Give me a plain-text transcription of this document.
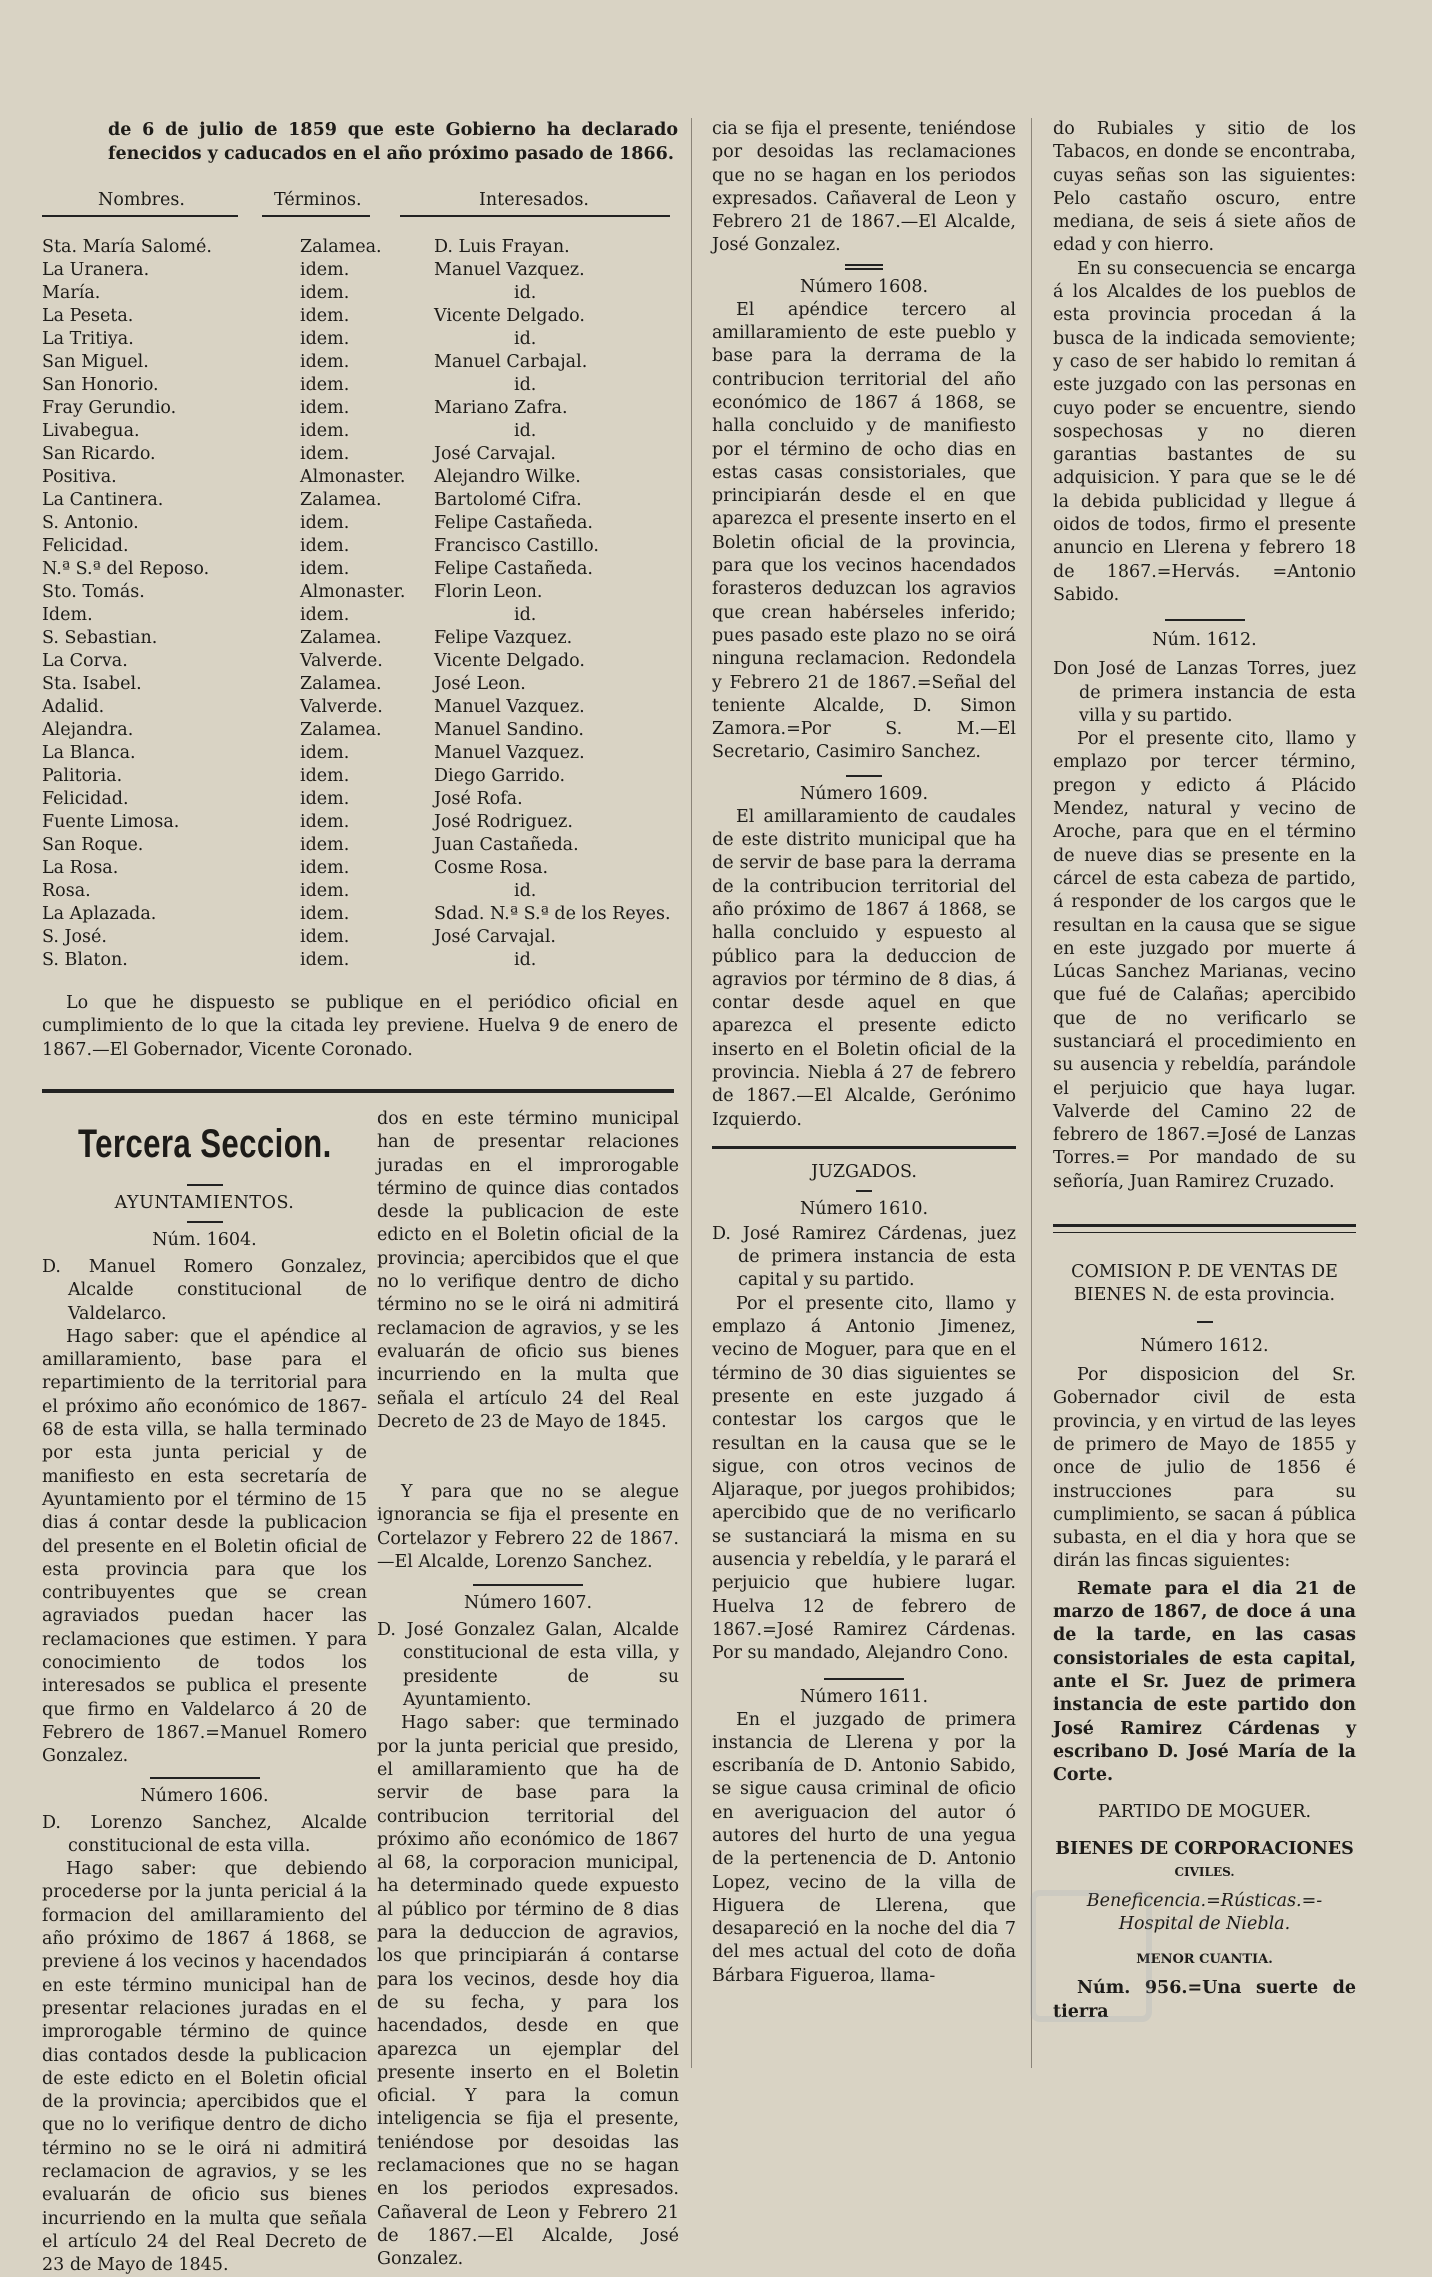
de 6 de julio de 1859 que este Gobierno ha declarado fenecidos y caducados en el año próximo pasado de 1866.

Nombres.	Términos.	Interesados.
Sta. María Salomé.	Zalamea.	D. Luis Frayan.
La Uranera.	idem.	Manuel Vazquez.
María.	idem.	id.
La Peseta.	idem.	Vicente Delgado.
La Tritiya.	idem.	id.
San Miguel.	idem.	Manuel Carbajal.
San Honorio.	idem.	id.
Fray Gerundio.	idem.	Mariano Zafra.
Livabegua.	idem.	id.
San Ricardo.	idem.	José Carvajal.
Positiva.	Almonaster.	Alejandro Wilke.
La Cantinera.	Zalamea.	Bartolomé Cifra.
S. Antonio.	idem.	Felipe Castañeda.
Felicidad.	idem.	Francisco Castillo.
N.ª S.ª del Reposo.	idem.	Felipe Castañeda.
Sto. Tomás.	Almonaster.	Florin Leon.
Idem.	idem.	id.
S. Sebastian.	Zalamea.	Felipe Vazquez.
La Corva.	Valverde.	Vicente Delgado.
Sta. Isabel.	Zalamea.	José Leon.
Adalid.	Valverde.	Manuel Vazquez.
Alejandra.	Zalamea.	Manuel Sandino.
La Blanca.	idem.	Manuel Vazquez.
Palitoria.	idem.	Diego Garrido.
Felicidad.	idem.	José Rofa.
Fuente Limosa.	idem.	José Rodriguez.
San Roque.	idem.	Juan Castañeda.
La Rosa.	idem.	Cosme Rosa.
Rosa.	idem.	id.
La Aplazada.	idem.	Sdad. N.ª S.ª de los Reyes.
S. José.	idem.	José Carvajal.
S. Blaton.	idem.	id.

Lo que he dispuesto se publique en el periódico oficial en cumplimiento de lo que la citada ley previene. Huelva 9 de enero de 1867.—El Gobernador, Vicente Coronado.

Tercera Seccion.
AYUNTAMIENTOS.
Núm. 1604.
D. Manuel Romero Gonzalez, Alcalde constitucional de Valdelarco.
Hago saber: que el apéndice al amillaramiento, base para el repartimiento de la territorial para el próximo año económico de 1867-68 de esta villa, se halla terminado por esta junta pericial y de manifiesto en esta secretaría de Ayuntamiento por el término de 15 dias á contar desde la publicacion del presente en el Boletin oficial de esta provincia para que los contribuyentes que se crean agraviados puedan hacer las reclamaciones que estimen. Y para conocimiento de todos los interesados se publica el presente que firmo en Valdelarco á 20 de Febrero de 1867.=Manuel Romero Gonzalez.
Número 1606.
D. Lorenzo Sanchez, Alcalde constitucional de esta villa.
Hago saber: que debiendo procederse por la junta pericial á la formacion del amillaramiento del año próximo de 1867 á 1868, se previene á los vecinos y hacendados en este término municipal han de presentar relaciones juradas en el improrogable término de quince dias contados desde la publicacion de este edicto en el Boletin oficial de la provincia; apercibidos que el que no lo verifique dentro de dicho término no se le oirá ni admitirá reclamacion de agravios, y se les evaluarán de oficio sus bienes incurriendo en la multa que señala el artículo 24 del Real Decreto de 23 de Mayo de 1845.
dos en este término municipal han de presentar relaciones juradas en el improrogable término de quince dias contados desde la publicacion de este edicto en el Boletin oficial de la provincia; apercibidos que el que no lo verifique dentro de dicho término no se le oirá ni admitirá reclamacion de agravios, y se les evaluarán de oficio sus bienes incurriendo en la multa que señala el artículo 24 del Real Decreto de 23 de Mayo de 1845.
Y para que no se alegue ignorancia se fija el presente en Cortelazor y Febrero 22 de 1867.—El Alcalde, Lorenzo Sanchez.
Número 1607.
D. José Gonzalez Galan, Alcalde constitucional de esta villa, y presidente de su Ayuntamiento.
Hago saber: que terminado por la junta pericial que presido, el amillaramiento que ha de servir de base para la contribucion territorial del próximo año económico de 1867 al 68, la corporacion municipal, ha determinado quede expuesto al público por término de 8 dias para la deduccion de agravios, los que principiarán á contarse para los vecinos, desde hoy dia de su fecha, y para los hacendados, desde en que aparezca un ejemplar del presente inserto en el Boletin oficial. Y para la comun inteligencia se fija el presente, teniéndose por desoidas las reclamaciones que no se hagan en los periodos expresados. Cañaveral de Leon y Febrero 21 de 1867.—El Alcalde, José Gonzalez.
cia se fija el presente, teniéndose por desoidas las reclamaciones que no se hagan en los periodos expresados. Cañaveral de Leon y Febrero 21 de 1867.—El Alcalde, José Gonzalez.
Número 1608.
El apéndice tercero al amillaramiento de este pueblo y base para la derrama de la contribucion territorial del año económico de 1867 á 1868, se halla concluido y de manifiesto por el término de ocho dias en estas casas consistoriales, que principiarán desde el en que aparezca el presente inserto en el Boletin oficial de la provincia, para que los vecinos hacendados forasteros deduzcan los agravios que crean habérseles inferido; pues pasado este plazo no se oirá ninguna reclamacion. Redondela y Febrero 21 de 1867.=Señal del teniente Alcalde, D. Simon Zamora.=Por S. M.—El Secretario, Casimiro Sanchez.
Número 1609.
El amillaramiento de caudales de este distrito municipal que ha de servir de base para la derrama de la contribucion territorial del año próximo de 1867 á 1868, se halla concluido y espuesto al público para la deduccion de agravios por término de 8 dias, á contar desde aquel en que aparezca el presente edicto inserto en el Boletin oficial de la provincia. Niebla á 27 de febrero de 1867.—El Alcalde, Gerónimo Izquierdo.
JUZGADOS.
Número 1610.
D. José Ramirez Cárdenas, juez de primera instancia de esta capital y su partido.
Por el presente cito, llamo y emplazo á Antonio Jimenez, vecino de Moguer, para que en el término de 30 dias siguientes se presente en este juzgado á contestar los cargos que le resultan en la causa que se le sigue, con otros vecinos de Aljaraque, por juegos prohibidos; apercibido que de no verificarlo se sustanciará la misma en su ausencia y rebeldía, y le parará el perjuicio que hubiere lugar. Huelva 12 de febrero de 1867.=José Ramirez Cárdenas. Por su mandado, Alejandro Cono.
Número 1611.
En el juzgado de primera instancia de Llerena y por la escribanía de D. Antonio Sabido, se sigue causa criminal de oficio en averiguacion del autor ó autores del hurto de una yegua de la pertenencia de D. Antonio Lopez, vecino de la villa de Higuera de Llerena, que desapareció en la noche del dia 7 del mes actual del coto de doña Bárbara Figueroa, llama-
do Rubiales y sitio de los Tabacos, en donde se encontraba, cuyas señas son las siguientes: Pelo castaño oscuro, entre mediana, de seis á siete años de edad y con hierro.
En su consecuencia se encarga á los Alcaldes de los pueblos de esta provincia procedan á la busca de la indicada semoviente; y caso de ser habido lo remitan á este juzgado con las personas en cuyo poder se encuentre, siendo sospechosas y no dieren garantias bastantes de su adquisicion. Y para que se le dé la debida publicidad y llegue á oidos de todos, firmo el presente anuncio en Llerena y febrero 18 de 1867.=Hervás. =Antonio Sabido.
Núm. 1612.
Don José de Lanzas Torres, juez de primera instancia de esta villa y su partido.
Por el presente cito, llamo y emplazo por tercer término, pregon y edicto á Plácido Mendez, natural y vecino de Aroche, para que en el término de nueve dias se presente en la cárcel de esta cabeza de partido, á responder de los cargos que le resultan en la causa que se sigue en este juzgado por muerte á Lúcas Sanchez Marianas, vecino que fué de Calañas; apercibido que de no verificarlo se sustanciará el procedimiento en su ausencia y rebeldía, parándole el perjuicio que haya lugar. Valverde del Camino 22 de febrero de 1867.=José de Lanzas Torres.= Por mandado de su señoría, Juan Ramirez Cruzado.
COMISION P. DE VENTAS DE BIENES N. de esta provincia.
Número 1612.
Por disposicion del Sr. Gobernador civil de esta provincia, y en virtud de las leyes de primero de Mayo de 1855 y once de julio de 1856 é instrucciones para su cumplimiento, se sacan á pública subasta, en el dia y hora que se dirán las fincas siguientes:
Remate para el dia 21 de marzo de 1867, de doce á una de la tarde, en las casas consistoriales de esta capital, ante el Sr. Juez de primera instancia de este partido don José Ramirez Cárdenas y escribano D. José María de la Corte.
PARTIDO DE MOGUER.
BIENES DE CORPORACIONES
CIVILES.
Beneficencia.=Rústicas.=-Hospital de Niebla.
MENOR CUANTIA.
Núm. 956.=Una suerte de tierra
